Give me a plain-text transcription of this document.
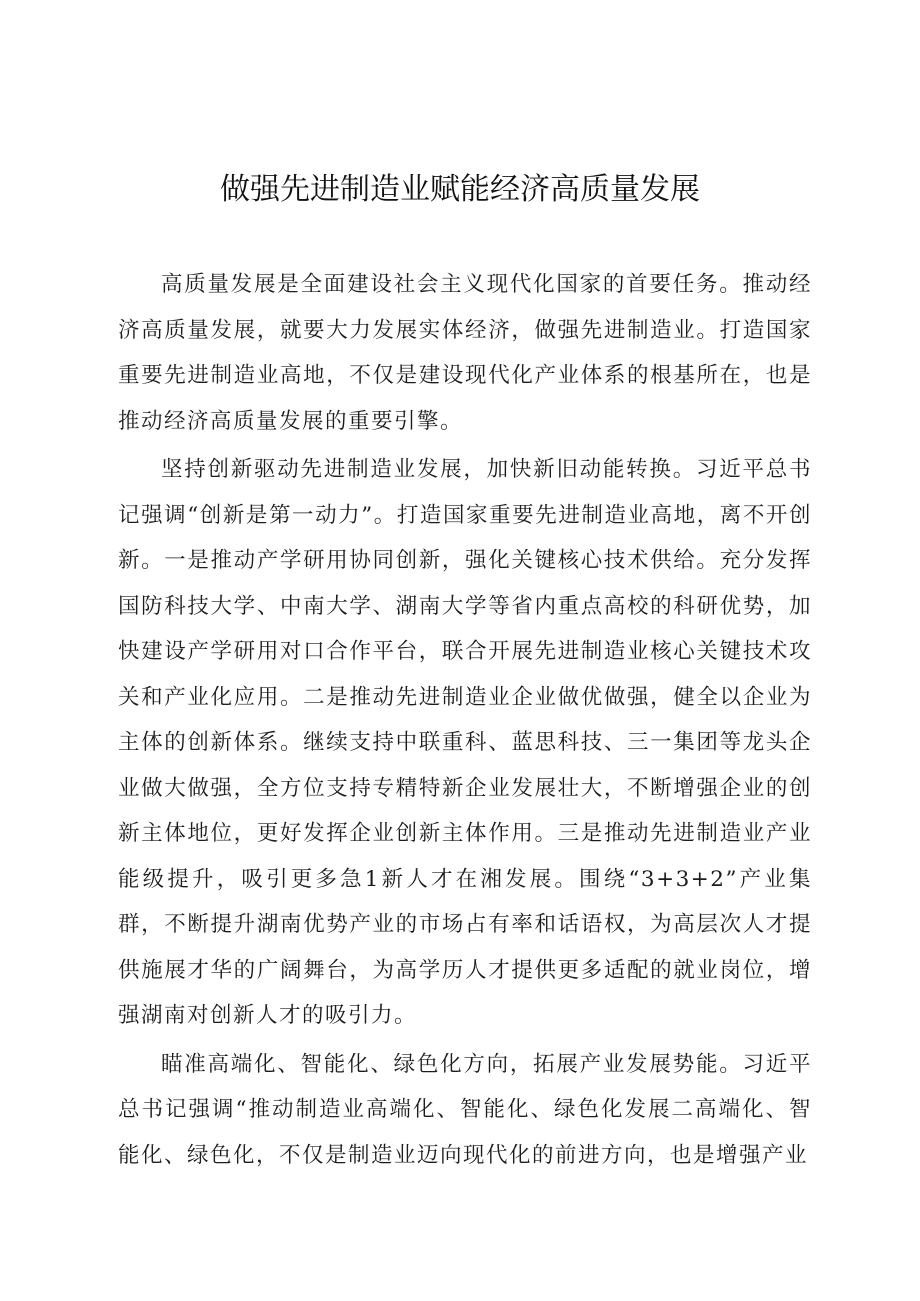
做强先进制造业赋能经济高质量发展

高质量发展是全面建设社会主义现代化国家的首要任务。推动经济高质量发展，就要大力发展实体经济，做强先进制造业。打造国家重要先进制造业高地，不仅是建设现代化产业体系的根基所在，也是推动经济高质量发展的重要引擎。

坚持创新驱动先进制造业发展，加快新旧动能转换。习近平总书记强调“创新是第一动力”。打造国家重要先进制造业高地，离不开创新。一是推动产学研用协同创新，强化关键核心技术供给。充分发挥国防科技大学、中南大学、湖南大学等省内重点高校的科研优势，加快建设产学研用对口合作平台，联合开展先进制造业核心关键技术攻关和产业化应用。二是推动先进制造业企业做优做强，健全以企业为主体的创新体系。继续支持中联重科、蓝思科技、三一集团等龙头企业做大做强，全方位支持专精特新企业发展壮大，不断增强企业的创新主体地位，更好发挥企业创新主体作用。三是推动先进制造业产业能级提升，吸引更多急1新人才在湘发展。围绕“3+3+2”产业集群，不断提升湖南优势产业的市场占有率和话语权，为高层次人才提供施展才华的广阔舞台，为高学历人才提供更多适配的就业岗位，增强湖南对创新人才的吸引力。

瞄准高端化、智能化、绿色化方向，拓展产业发展势能。习近平总书记强调“推动制造业高端化、智能化、绿色化发展二高端化、智能化、绿色化，不仅是制造业迈向现代化的前进方向，也是增强产业
